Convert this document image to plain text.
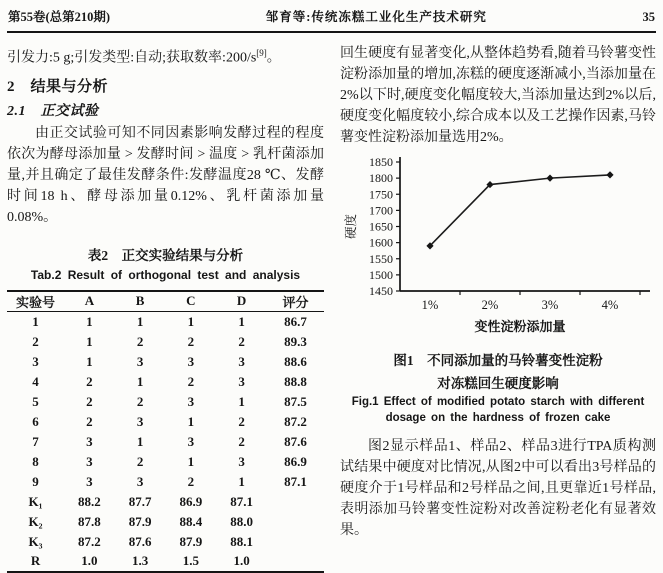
第55卷(总第210期)	邹育等:传统冻糕工业化生产技术研究	35

引发力:5 g;引发类型:自动;获取数率:200/s[9]。

2　结果与分析
2.1　正交试验

由正交试验可知不同因素影响发酵过程的程度依次为酵母添加量 > 发酵时间 > 温度 > 乳杆菌添加量,并且确定了最佳发酵条件:发酵温度28 ℃、发酵时间18 h、酵母添加量0.12%、乳杆菌添加量0.08%。

表2　正交实验结果与分析
Tab.2 Result of orthogonal test and analysis
实验号	A	B	C	D	评分
1	1	1	1	1	86.7
2	1	2	2	2	89.3
3	1	3	3	3	88.6
4	2	1	2	3	88.8
5	2	2	3	1	87.5
6	2	3	1	2	87.2
7	3	1	3	2	87.6
8	3	2	1	3	86.9
9	3	3	2	1	87.1
K₁	88.2	87.7	86.9	87.1	
K₂	87.8	87.9	88.4	88.0	
K₃	87.2	87.6	87.9	88.1	
R	1.0	1.3	1.5	1.0	

回生硬度有显著变化,从整体趋势看,随着马铃薯变性淀粉添加量的增加,冻糕的硬度逐渐减小,当添加量在2%以下时,硬度变化幅度较大,当添加量达到2%以后,硬度变化幅度较小,综合成本以及工艺操作因素,马铃薯变性淀粉添加量选用2%。

1450
1500
1550
1600
1650
1700
1750
1800
1850
1%	2%	3%	4%
变性淀粉添加量
硬度
图1　不同添加量的马铃薯变性淀粉
对冻糕回生硬度影响
Fig.1 Effect of modified potato starch with different
dosage on the hardness of frozen cake

图2显示样品1、样品2、样品3进行TPA质构测试结果中硬度对比情况,从图2中可以看出3号样品的硬度介于1号样品和2号样品之间,且更靠近1号样品,表明添加马铃薯变性淀粉对改善淀粉老化有显著效果。
